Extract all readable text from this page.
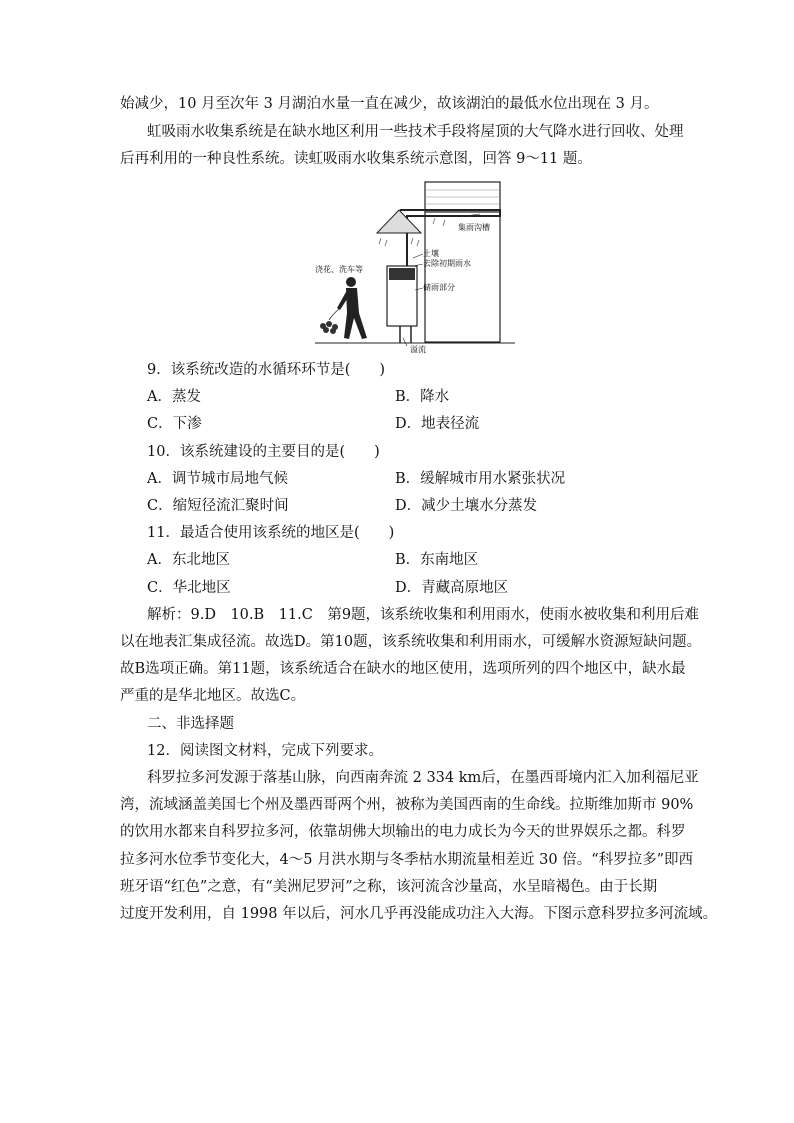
始减少，10 月至次年 3 月湖泊水量一直在减少，故该湖泊的最低水位出现在 3 月。
虹吸雨水收集系统是在缺水地区利用一些技术手段将屋顶的大气降水进行回收、处理
后再利用的一种良性系统。读虹吸雨水收集系统示意图，回答 9～11 题。
集雨沟槽
土壤
去除初期雨水
储雨部分
浇花、洗车等
溢流
9．该系统改造的水循环环节是(　　)
A．蒸发	B．降水
C．下渗	D．地表径流
10．该系统建设的主要目的是(　　)
A．调节城市局地气候	B．缓解城市用水紧张状况
C．缩短径流汇聚时间	D．减少土壤水分蒸发
11．最适合使用该系统的地区是(　　)
A．东北地区	B．东南地区
C．华北地区	D．青藏高原地区
解析：9.D　10.B　11.C　第9题，该系统收集和利用雨水，使雨水被收集和利用后难
以在地表汇集成径流。故选D。第10题，该系统收集和利用雨水，可缓解水资源短缺问题。
故B选项正确。第11题，该系统适合在缺水的地区使用，选项所列的四个地区中，缺水最
严重的是华北地区。故选C。
二、非选择题
12．阅读图文材料，完成下列要求。
科罗拉多河发源于落基山脉，向西南奔流 2 334 km后，在墨西哥境内汇入加利福尼亚
湾，流域涵盖美国七个州及墨西哥两个州，被称为美国西南的生命线。拉斯维加斯市 90%
的饮用水都来自科罗拉多河，依靠胡佛大坝输出的电力成长为今天的世界娱乐之都。科罗
拉多河水位季节变化大，4～5 月洪水期与冬季枯水期流量相差近 30 倍。“科罗拉多”即西
班牙语“红色”之意，有“美洲尼罗河”之称，该河流含沙量高，水呈暗褐色。由于长期
过度开发利用，自 1998 年以后，河水几乎再没能成功注入大海。下图示意科罗拉多河流域。
